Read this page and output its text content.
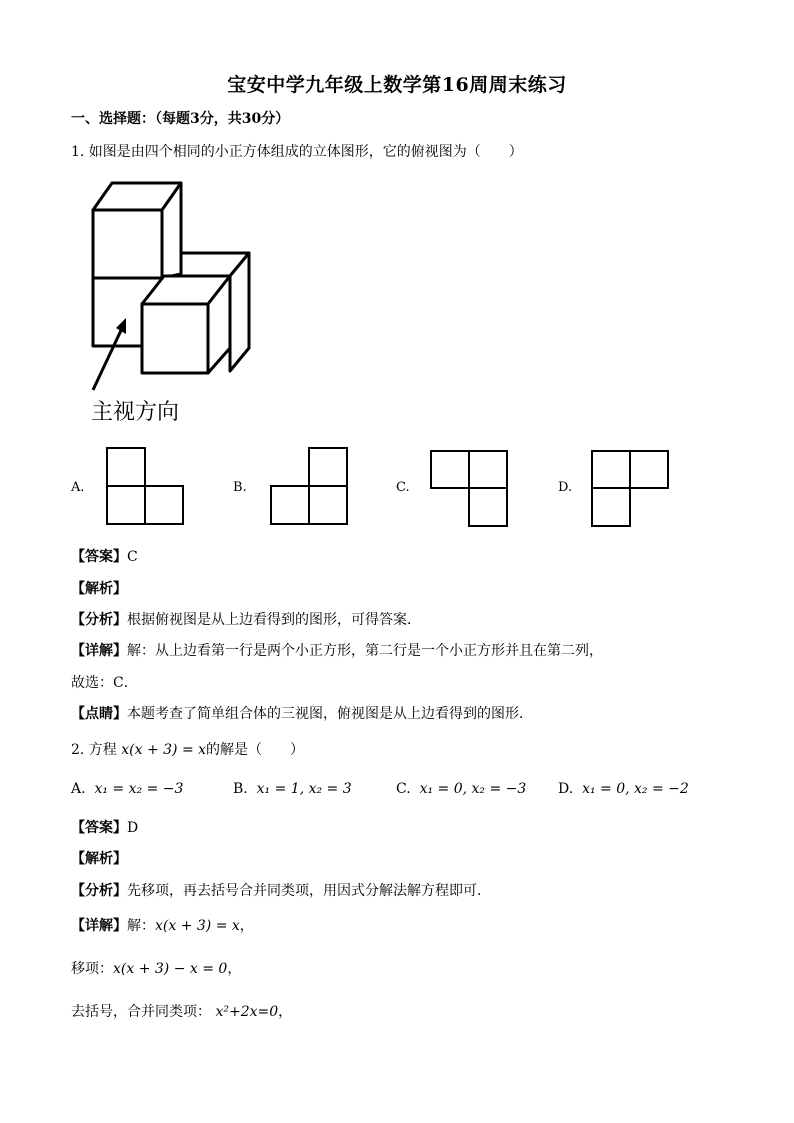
宝安中学九年级上数学第16周周末练习
一、选择题：（每题3分，共30分）
1. 如图是由四个相同的小正方体组成的立体图形，它的俯视图为（　　）
主视方向
A.	B.	C.	D.
【答案】C
【解析】
【分析】根据俯视图是从上边看得到的图形，可得答案．
【详解】解：从上边看第一行是两个小正方形，第二行是一个小正方形并且在第二列，
故选：C．
【点睛】本题考查了简单组合体的三视图，俯视图是从上边看得到的图形．
2. 方程 x(x + 3) = x的解是（　　）
A. x₁ = x₂ = −3	B. x₁ = 1, x₂ = 3	C. x₁ = 0, x₂ = −3 D. x₁ = 0, x₂ = −2
【答案】D
【解析】
【分析】先移项，再去括号合并同类项，用因式分解法解方程即可．
【详解】解：x(x + 3) = x，
移项：x(x + 3) − x = 0，
去括号，合并同类项： x²+2x=0，
